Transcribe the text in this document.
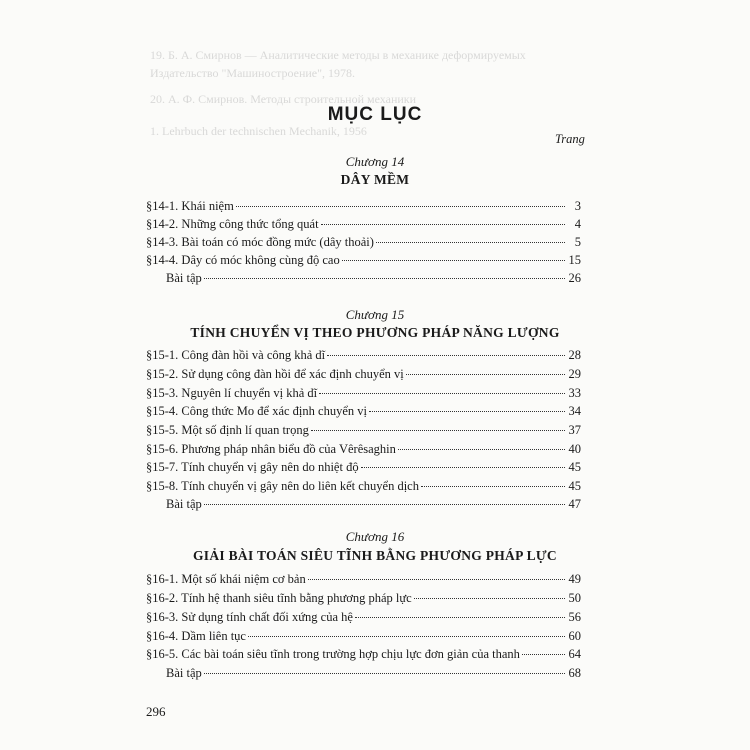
19. Б. А. Смирнов — Аналитические методы в механике деформируемых
Издательство "Машиностроение", 1978.
20. А. Ф. Смирнов. Методы строительной механики
1. Lehrbuch der technischen Mechanik, 1956
MỤC LỤC
Trang
Chương 14
DÂY MỀM
§14-1. Khái niệm	3
§14-2. Những công thức tổng quát	4
§14-3. Bài toán có móc đồng mức (dây thoải)	5
§14-4. Dây có móc không cùng độ cao	15
Bài tập	26
Chương 15
TÍNH CHUYỂN VỊ THEO PHƯƠNG PHÁP NĂNG LƯỢNG
§15-1. Công đàn hồi và công khả dĩ	28
§15-2. Sử dụng công đàn hồi để xác định chuyển vị	29
§15-3. Nguyên lí chuyển vị khả dĩ	33
§15-4. Công thức Mo để xác định chuyển vị	34
§15-5. Một số định lí quan trọng	37
§15-6. Phương pháp nhân biểu đồ của Vêrêsaghin	40
§15-7. Tính chuyển vị gây nên do nhiệt độ	45
§15-8. Tính chuyển vị gây nên do liên kết chuyển dịch	45
Bài tập	47
Chương 16
GIẢI BÀI TOÁN SIÊU TĨNH BẰNG PHƯƠNG PHÁP LỰC
§16-1. Một số khái niệm cơ bản	49
§16-2. Tính hệ thanh siêu tĩnh bằng phương pháp lực	50
§16-3. Sử dụng tính chất đối xứng của hệ	56
§16-4. Dầm liên tục	60
§16-5. Các bài toán siêu tĩnh trong trường hợp chịu lực đơn giản của thanh	64
Bài tập	68
296
